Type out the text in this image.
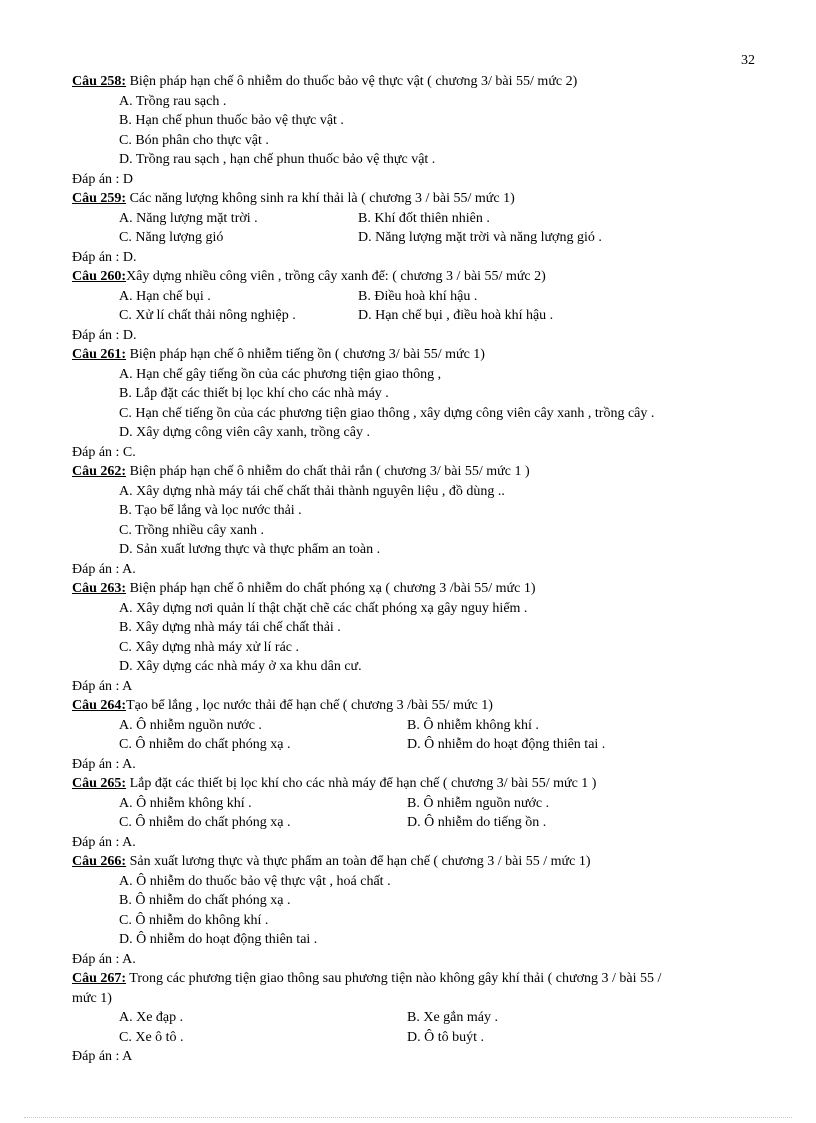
32
Câu 258: Biện pháp hạn chế ô nhiễm do thuốc bảo vệ thực vật ( chương 3/ bài 55/ mức 2)
A. Trồng rau sạch .
B. Hạn chế phun thuốc bảo vệ thực vật .
C. Bón phân cho thực vật .
D. Trồng rau sạch , hạn chế phun thuốc bảo vệ thực vật .
Đáp án : D
Câu 259: Các năng lượng không sinh ra khí thải là ( chương 3 / bài 55/ mức 1)
A. Năng lượng mặt trời .	B. Khí đốt thiên nhiên .
C. Năng lượng gió	D. Năng lượng mặt trời và năng lượng gió .
Đáp án : D.
Câu 260:Xây dựng nhiều công viên , trồng cây xanh để: ( chương 3 / bài 55/ mức 2)
A. Hạn chế bụi .	B. Điều hoà khí hậu .
C. Xử lí chất thải nông nghiệp .	D. Hạn chế bụi , điều hoà khí hậu .
Đáp án : D.
Câu 261: Biện pháp hạn chế ô nhiễm tiếng ồn ( chương 3/ bài 55/ mức 1)
A. Hạn chế gây tiếng ồn của các phương tiện giao thông ,
B. Lắp đặt các thiết bị lọc khí cho các nhà máy .
C. Hạn chế tiếng ồn của các phương tiện giao thông , xây dựng công viên cây xanh , trồng cây .
D. Xây dựng công viên cây xanh, trồng cây .
Đáp án : C.
Câu 262: Biện pháp hạn chế ô nhiễm do chất thải rắn ( chương 3/ bài 55/ mức 1 )
A. Xây dựng nhà máy tái chế chất thải thành nguyên liệu , đồ dùng ..
B. Tạo bể lắng và lọc nước thải .
C. Trồng nhiều cây xanh .
D. Sản xuất lương thực và thực phẩm an toàn .
Đáp án : A.
Câu 263: Biện pháp hạn chế ô nhiễm do chất phóng xạ ( chương 3 /bài 55/ mức 1)
A. Xây dựng nơi quản lí thật chặt chẽ các chất phóng xạ gây nguy hiểm .
B. Xây dựng nhà máy tái chế chất thải .
C. Xây dựng nhà máy xử lí rác .
D. Xây dựng các nhà máy ở xa khu dân cư.
Đáp án : A
Câu 264:Tạo bể lắng , lọc nước thải để hạn chế ( chương 3 /bài 55/ mức 1)
A. Ô nhiễm nguồn nước .	B. Ô nhiễm không khí .
C. Ô nhiễm do chất phóng xạ .	D. Ô nhiễm do hoạt động thiên tai .
Đáp án : A.
Câu 265: Lắp đặt các thiết bị lọc khí cho các nhà máy để hạn chế ( chương 3/ bài 55/ mức 1 )
A. Ô nhiễm không khí .	B. Ô nhiễm nguồn nước .
C. Ô nhiễm do chất phóng xạ .	D. Ô nhiễm do tiếng ồn .
Đáp án : A.
Câu 266: Sản xuất lương thực và thực phẩm an toàn để hạn chế ( chương 3 / bài 55 / mức 1)
A. Ô nhiễm do thuốc bảo vệ thực vật , hoá chất .
B. Ô nhiễm do chất phóng xạ .
C. Ô nhiễm do không khí .
D. Ô nhiễm do hoạt động thiên tai .
Đáp án : A.
Câu 267: Trong các phương tiện giao thông sau phương tiện nào không gây khí thải ( chương 3 / bài 55 /
mức 1)
A. Xe đạp .	B. Xe gắn máy .
C. Xe ô tô .	D. Ô tô buýt .
Đáp án : A
